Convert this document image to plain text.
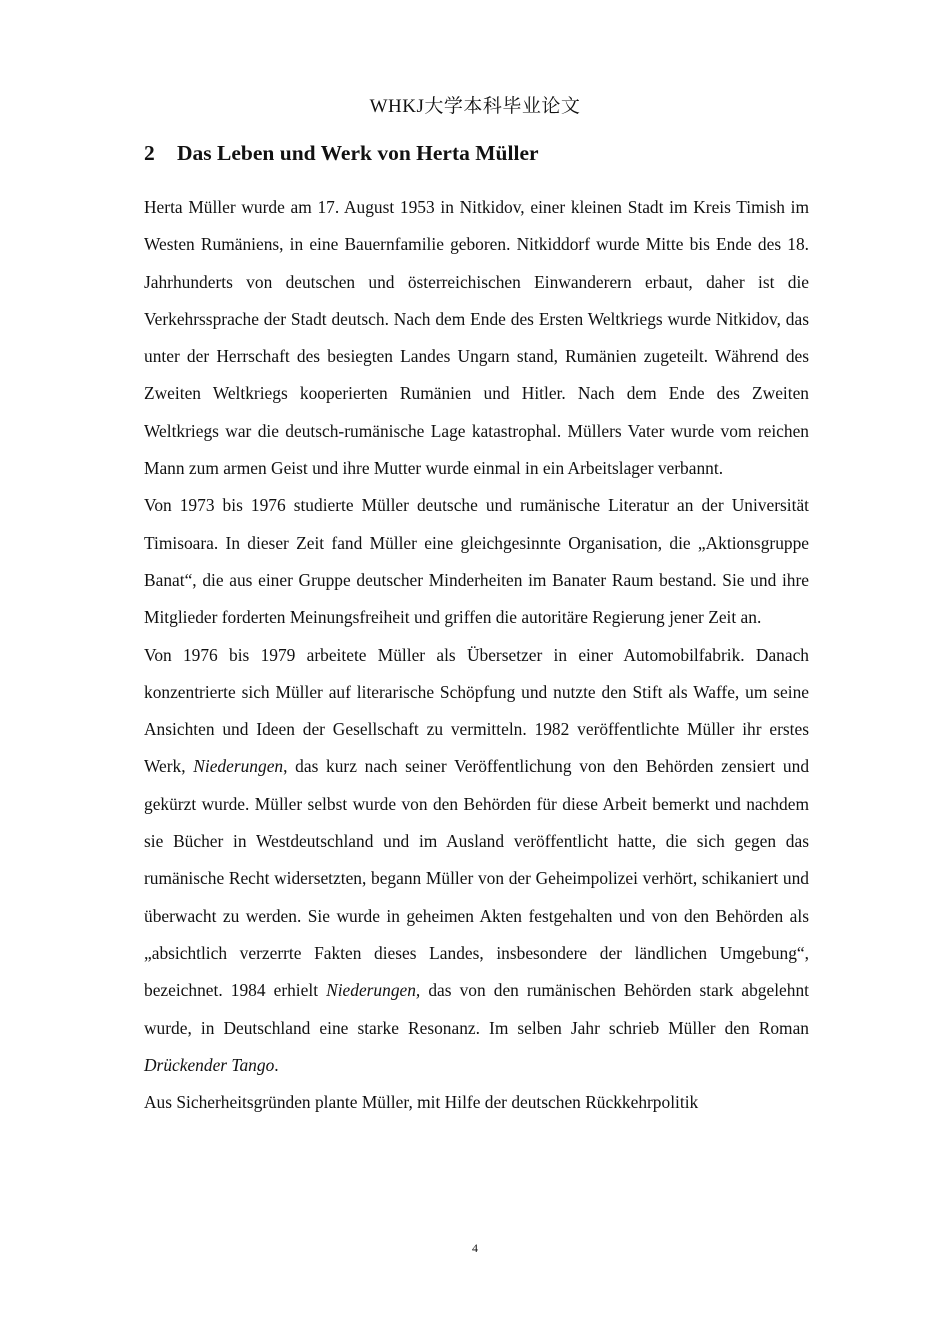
WHKJ大学本科毕业论文
2 Das Leben und Werk von Herta Müller

Herta Müller wurde am 17. August 1953 in Nitkidov, einer kleinen Stadt im Kreis Timish im Westen Rumäniens, in eine Bauernfamilie geboren. Nitkiddorf wurde Mitte bis Ende des 18. Jahrhunderts von deutschen und österreichischen Einwanderern erbaut, daher ist die Verkehrssprache der Stadt deutsch. Nach dem Ende des Ersten Weltkriegs wurde Nitkidov, das unter der Herrschaft des besiegten Landes Ungarn stand, Rumänien zugeteilt. Während des Zweiten Weltkriegs kooperierten Rumänien und Hitler. Nach dem Ende des Zweiten Weltkriegs war die deutsch-rumänische Lage katastrophal. Müllers Vater wurde vom reichen Mann zum armen Geist und ihre Mutter wurde einmal in ein Arbeitslager verbannt.

Von 1973 bis 1976 studierte Müller deutsche und rumänische Literatur an der Universität Timisoara. In dieser Zeit fand Müller eine gleichgesinnte Organisation, die „Aktionsgruppe Banat“, die aus einer Gruppe deutscher Minderheiten im Banater Raum bestand. Sie und ihre Mitglieder forderten Meinungsfreiheit und griffen die autoritäre Regierung jener Zeit an.

Von 1976 bis 1979 arbeitete Müller als Übersetzer in einer Automobilfabrik. Danach konzentrierte sich Müller auf literarische Schöpfung und nutzte den Stift als Waffe, um seine Ansichten und Ideen der Gesellschaft zu vermitteln. 1982 veröffentlichte Müller ihr erstes Werk, Niederungen, das kurz nach seiner Veröffentlichung von den Behörden zensiert und gekürzt wurde. Müller selbst wurde von den Behörden für diese Arbeit bemerkt und nachdem sie Bücher in Westdeutschland und im Ausland veröffentlicht hatte, die sich gegen das rumänische Recht widersetzten, begann Müller von der Geheimpolizei verhört, schikaniert und überwacht zu werden. Sie wurde in geheimen Akten festgehalten und von den Behörden als „absichtlich verzerrte Fakten dieses Landes, insbesondere der ländlichen Umgebung“, bezeichnet. 1984 erhielt Niederungen, das von den rumänischen Behörden stark abgelehnt wurde, in Deutschland eine starke Resonanz. Im selben Jahr schrieb Müller den Roman Drückender Tango.

Aus Sicherheitsgründen plante Müller, mit Hilfe der deutschen Rückkehrpolitik

4
